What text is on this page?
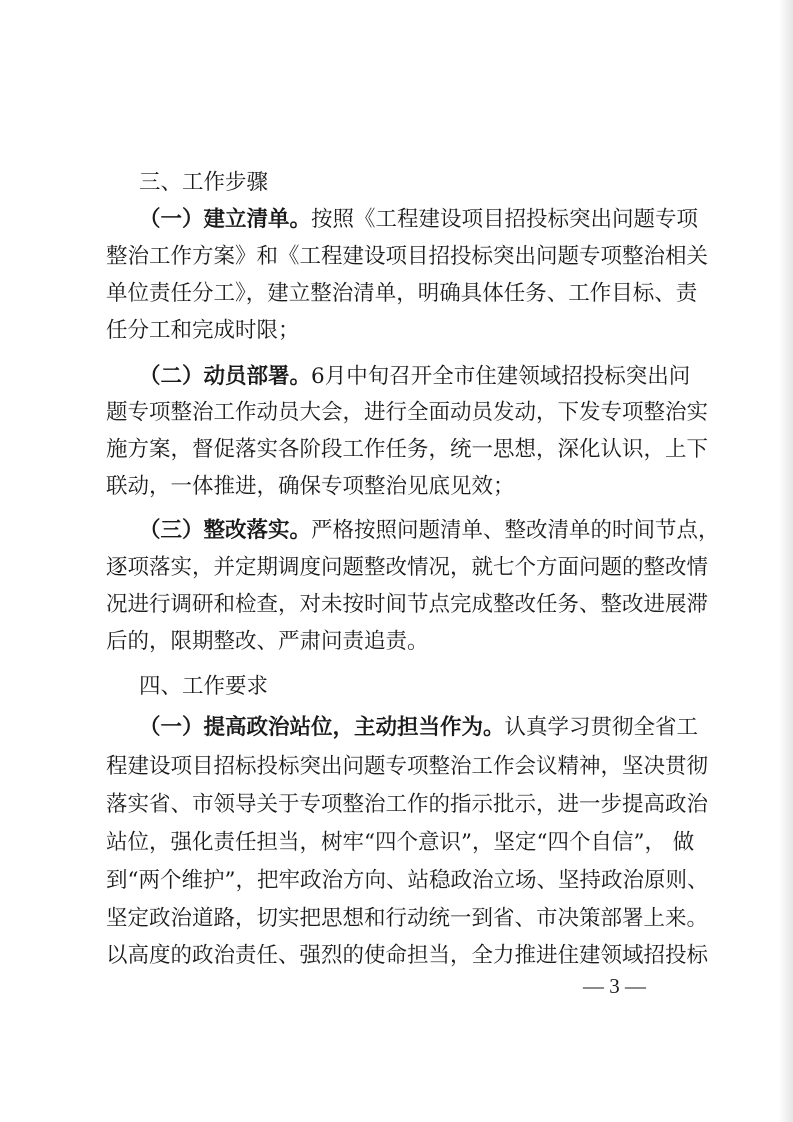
三、工作步骤
（一）建立清单。按照《工程建设项目招投标突出问题专项
整治工作方案》和《工程建设项目招投标突出问题专项整治相关
单位责任分工》，建立整治清单，明确具体任务、工作目标、责
任分工和完成时限；
（二）动员部署。6月中旬召开全市住建领域招投标突出问
题专项整治工作动员大会，进行全面动员发动，下发专项整治实
施方案，督促落实各阶段工作任务，统一思想，深化认识，上下
联动，一体推进，确保专项整治见底见效；
（三）整改落实。严格按照问题清单、整改清单的时间节点，
逐项落实，并定期调度问题整改情况，就七个方面问题的整改情
况进行调研和检查，对未按时间节点完成整改任务、整改进展滞
后的，限期整改、严肃问责追责。
四、工作要求
（一）提高政治站位，主动担当作为。认真学习贯彻全省工
程建设项目招标投标突出问题专项整治工作会议精神，坚决贯彻
落实省、市领导关于专项整治工作的指示批示，进一步提高政治
站位，强化责任担当，树牢“四个意识”，坚定“四个自信”， 做
到“两个维护”，把牢政治方向、站稳政治立场、坚持政治原则、
坚定政治道路，切实把思想和行动统一到省、市决策部署上来。
以高度的政治责任、强烈的使命担当，全力推进住建领域招投标
— 3 —
